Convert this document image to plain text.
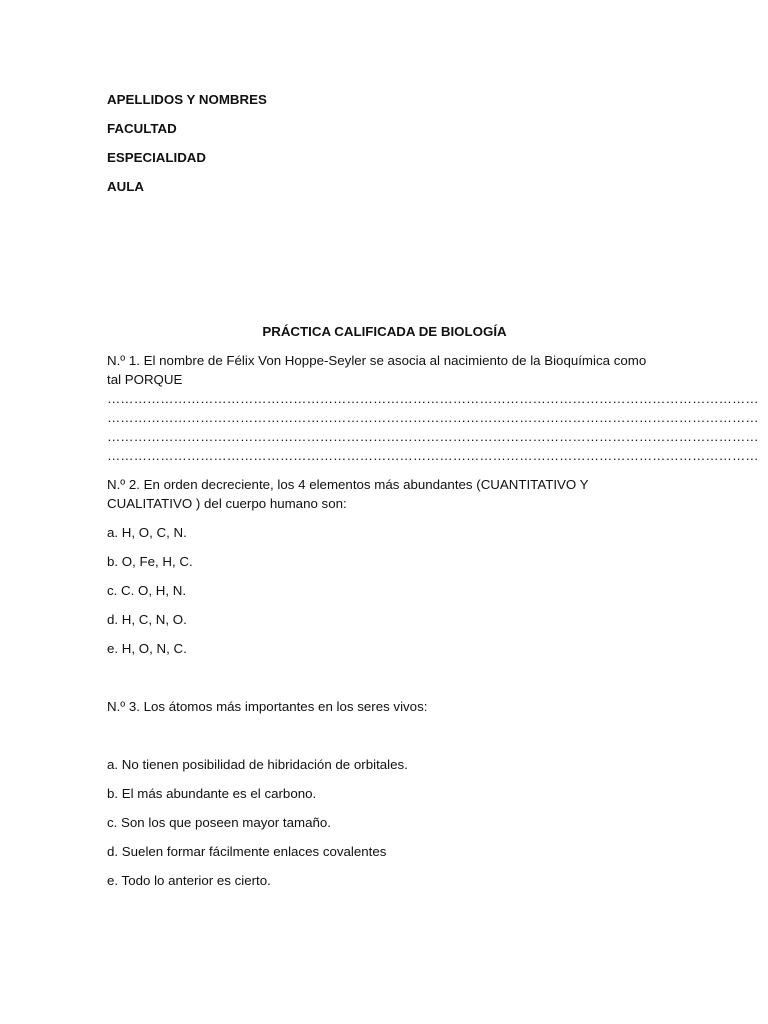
APELLIDOS Y NOMBRES
FACULTAD
ESPECIALIDAD
AULA
PRÁCTICA CALIFICADA DE BIOLOGÍA

N.º 1. El nombre de Félix Von Hoppe-Seyler se asocia al nacimiento de la Bioquímica como tal PORQUE

…………………………………………………………………………………………………………………………………
…………………………………………………………………………………………………………………………………
…………………………………………………………………………………………………………………………………
…………………………………………………………………………………………………………………………………

N.º 2. En orden decreciente, los 4 elementos más abundantes (CUANTITATIVO Y CUALITATIVO ) del cuerpo humano son:

a. H, O, C, N.
b. O, Fe, H, C.
c. C. O, H, N.
d. H, C, N, O.
e. H, O, N, C.

N.º 3. Los átomos más importantes en los seres vivos:

a. No tienen posibilidad de hibridación de orbitales.
b. El más abundante es el carbono.
c. Son los que poseen mayor tamaño.
d. Suelen formar fácilmente enlaces covalentes
e. Todo lo anterior es cierto.
